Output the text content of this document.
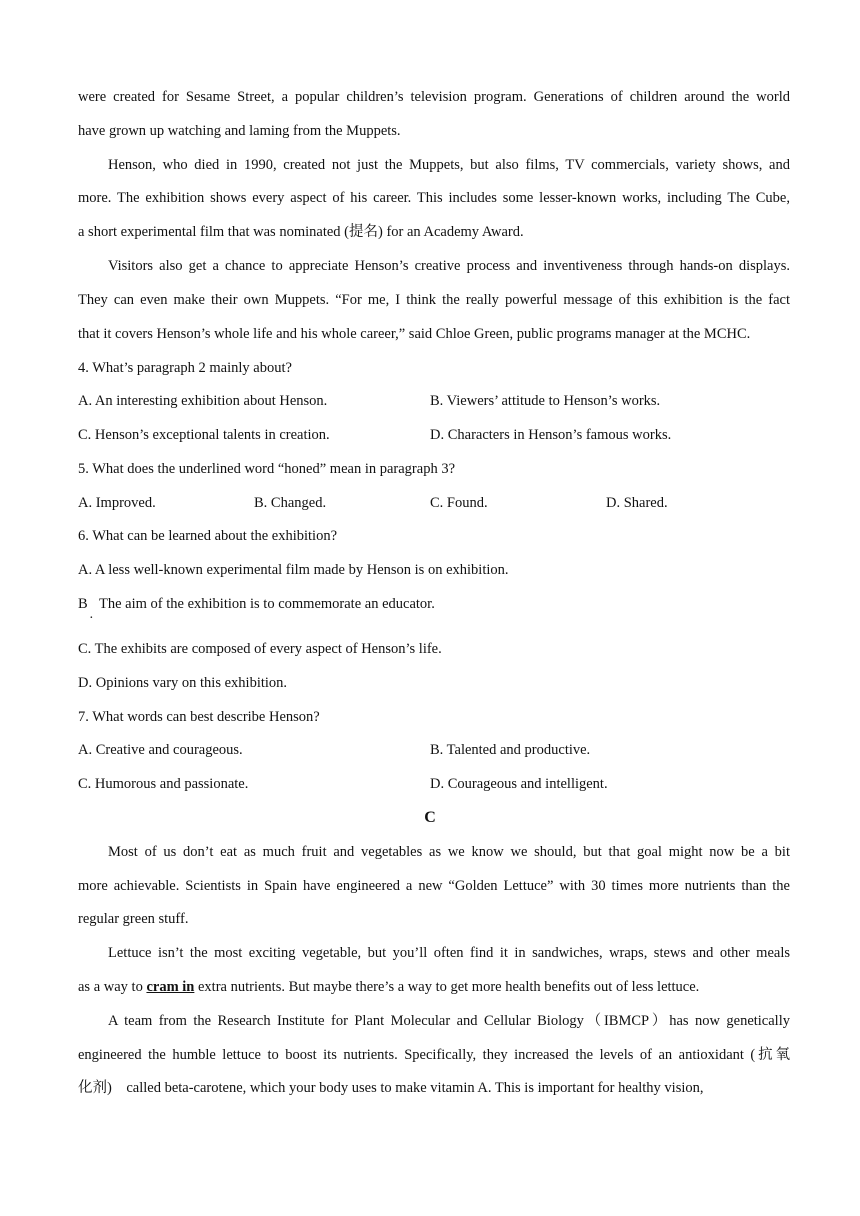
were created for Sesame Street, a popular children’s television program. Generations of children around the world
have grown up watching and laming from the Muppets.
Henson, who died in 1990, created not just the Muppets, but also films, TV commercials, variety shows, and
more. The exhibition shows every aspect of his career. This includes some lesser-known works, including The Cube,
a short experimental film that was nominated (提名) for an Academy Award.
Visitors also get a chance to appreciate Henson’s creative process and inventiveness through hands-on displays.
They can even make their own Muppets. “For me, I think the really powerful message of this exhibition is the fact
that it covers Henson’s whole life and his whole career,” said Chloe Green, public programs manager at the MCHC.
4. What’s paragraph 2 mainly about?
A. An interesting exhibition about Henson.	B. Viewers’ attitude to Henson’s works.
C. Henson’s exceptional talents in creation.	D. Characters in Henson’s famous works.
5. What does the underlined word “honed” mean in paragraph 3?
A. Improved.	B. Changed.	C. Found.	D. Shared.
6. What can be learned about the exhibition?
A. A less well-known experimental film made by Henson is on exhibition.
B
·
The aim of the exhibition is to commemorate an educator.
C. The exhibits are composed of every aspect of Henson’s life.
D. Opinions vary on this exhibition.
7. What words can best describe Henson?
A. Creative and courageous.	B. Talented and productive.
C. Humorous and passionate.	D. Courageous and intelligent.
C
Most of us don’t eat as much fruit and vegetables as we know we should, but that goal might now be a bit
more achievable. Scientists in Spain have engineered a new “Golden Lettuce” with 30 times more nutrients than the
regular green stuff.
Lettuce isn’t the most exciting vegetable, but you’ll often find it in sandwiches, wraps, stews and other meals
as a way to cram in extra nutrients. But maybe there’s a way to get more health benefits out of less lettuce.
A team from the Research Institute for Plant Molecular and Cellular Biology（IBMCP）has now genetically
engineered the humble lettuce to boost its nutrients. Specifically, they increased the levels of an antioxidant (抗氧
化剂)　called beta-carotene, which your body uses to make vitamin A. This is important for healthy vision,
